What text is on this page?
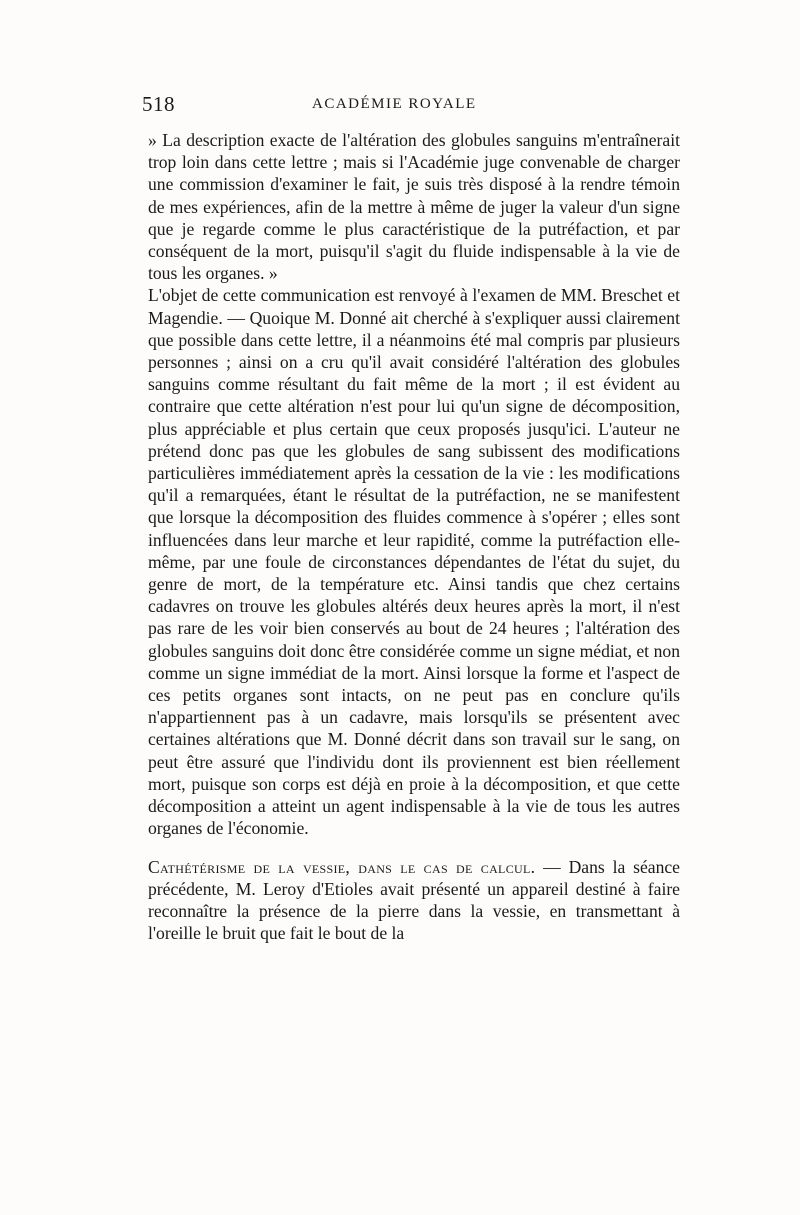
518	ACADÉMIE ROYALE

» La description exacte de l'altération des globules sanguins m'entraînerait trop loin dans cette lettre ; mais si l'Académie juge convenable de charger une commission d'examiner le fait, je suis très disposé à la rendre témoin de mes expériences, afin de la mettre à même de juger la valeur d'un signe que je regarde comme le plus caractéristique de la putréfaction, et par conséquent de la mort, puisqu'il s'agit du fluide indispensable à la vie de tous les organes. »

L'objet de cette communication est renvoyé à l'examen de MM. Breschet et Magendie. — Quoique M. Donné ait cherché à s'expliquer aussi clairement que possible dans cette lettre, il a néanmoins été mal compris par plusieurs personnes ; ainsi on a cru qu'il avait considéré l'altération des globules sanguins comme résultant du fait même de la mort ; il est évident au contraire que cette altération n'est pour lui qu'un signe de décomposition, plus appréciable et plus certain que ceux proposés jusqu'ici. L'auteur ne prétend donc pas que les globules de sang subissent des modifications particulières immédiatement après la cessation de la vie : les modifications qu'il a remarquées, étant le résultat de la putréfaction, ne se manifestent que lorsque la décomposition des fluides commence à s'opérer ; elles sont influencées dans leur marche et leur rapidité, comme la putréfaction elle-même, par une foule de circonstances dépendantes de l'état du sujet, du genre de mort, de la température etc. Ainsi tandis que chez certains cadavres on trouve les globules altérés deux heures après la mort, il n'est pas rare de les voir bien conservés au bout de 24 heures ; l'altération des globules sanguins doit donc être considérée comme un signe médiat, et non comme un signe immédiat de la mort. Ainsi lorsque la forme et l'aspect de ces petits organes sont intacts, on ne peut pas en conclure qu'ils n'appartiennent pas à un cadavre, mais lorsqu'ils se présentent avec certaines altérations que M. Donné décrit dans son travail sur le sang, on peut être assuré que l'individu dont ils proviennent est bien réellement mort, puisque son corps est déjà en proie à la décomposition, et que cette décomposition a atteint un agent indispensable à la vie de tous les autres organes de l'économie.

Cathétérisme de la vessie, dans le cas de calcul. — Dans la séance précédente, M. Leroy d'Etioles avait présenté un appareil destiné à faire reconnaître la présence de la pierre dans la vessie, en transmettant à l'oreille le bruit que fait le bout de la
